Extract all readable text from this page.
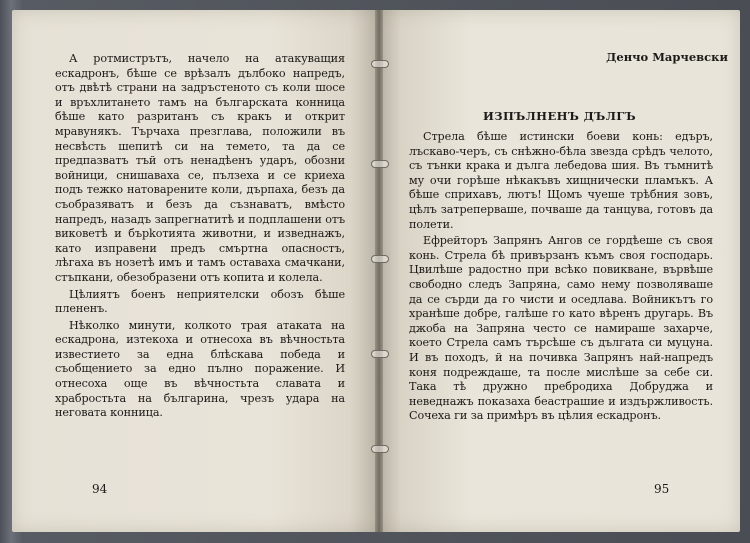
А ротмистрътъ, начело на атакуващия ескадронъ, бѣше се врѣзалъ дълбоко напредъ, отъ двѣтѣ страни на задръстеното съ коли шосе и връхлитането тамъ на българската конница бѣше като разританъ съ кракъ и открит мравунякъ. Търчаха презглава, положили въ несвѣсть шепитѣ си на темето, та да се предпазватъ тъй отъ ненадѣенъ ударъ, обозни войници, снишаваха се, пълзеха и се криеха подъ тежко натоварените коли, дърпаха, безъ да съобразяватъ и безъ да съзнаватъ, вмѣсто напредъ, назадъ запрегнатитѣ и подплашени отъ виковетѣ и бърkотията животни, и изведнажъ, като изправени предъ смъртна опасностъ, лѣгаха въ нозетѣ имъ и тамъ оставаха смачкани, стъпкани, обезобразени отъ копита и колела.

Цѣлиятъ боенъ неприятелски обозъ бѣше плененъ.

Нѣколко минути, колкото трая атаката на ескадрона, изтекоха и отнесоха въ вѣчностьта известието за една блѣскава победа и съобщението за едно пълно поражение. И отнесоха още въ вѣчностьта славата и храбростьта на българина, чрезъ удара на неговата конница.

94
Денчо Марчевски
ИЗПЪЛНЕНЪ ДЪЛГЪ

Стрела бѣше истински боеви конь: едъръ, лъскаво-черъ, съ снѣжно-бѣла звезда срѣдъ челото, съ тънки крака и дълга лебедова шия. Въ тъмнитѣ му очи горѣше нѣкакъвъ хищнически пламъкъ. А бѣше сприхавъ, лютъ! Щомъ чуеше трѣбния зовъ, цѣлъ затреперваше, почваше да танцува, готовъ да полети.

Ефрейторъ Запрянъ Ангов се гордѣеше съ своя конь. Стрела бѣ привързанъ къмъ своя господарь. Цвилѣше радостно при всѣко повикване, вървѣше свободно следъ Запряна, само нему позволяваше да се сърди да го чисти и оседлава. Войникътъ го хранѣше добре, галѣше го като вѣренъ другарь. Въ джоба на Запряна често се намираше захарче, което Стрела самъ търсѣше съ дългата си муцуна. И въ походъ, й на почивка Запрянъ най-напредъ коня подреждаше, та после мислѣше за себе си. Така тѣ дружно пребродиха Добруджа и неведнажъ показаха беастрашие и издържливость. Сочеха ги за примѣръ въ цѣлия ескадронъ.

95
